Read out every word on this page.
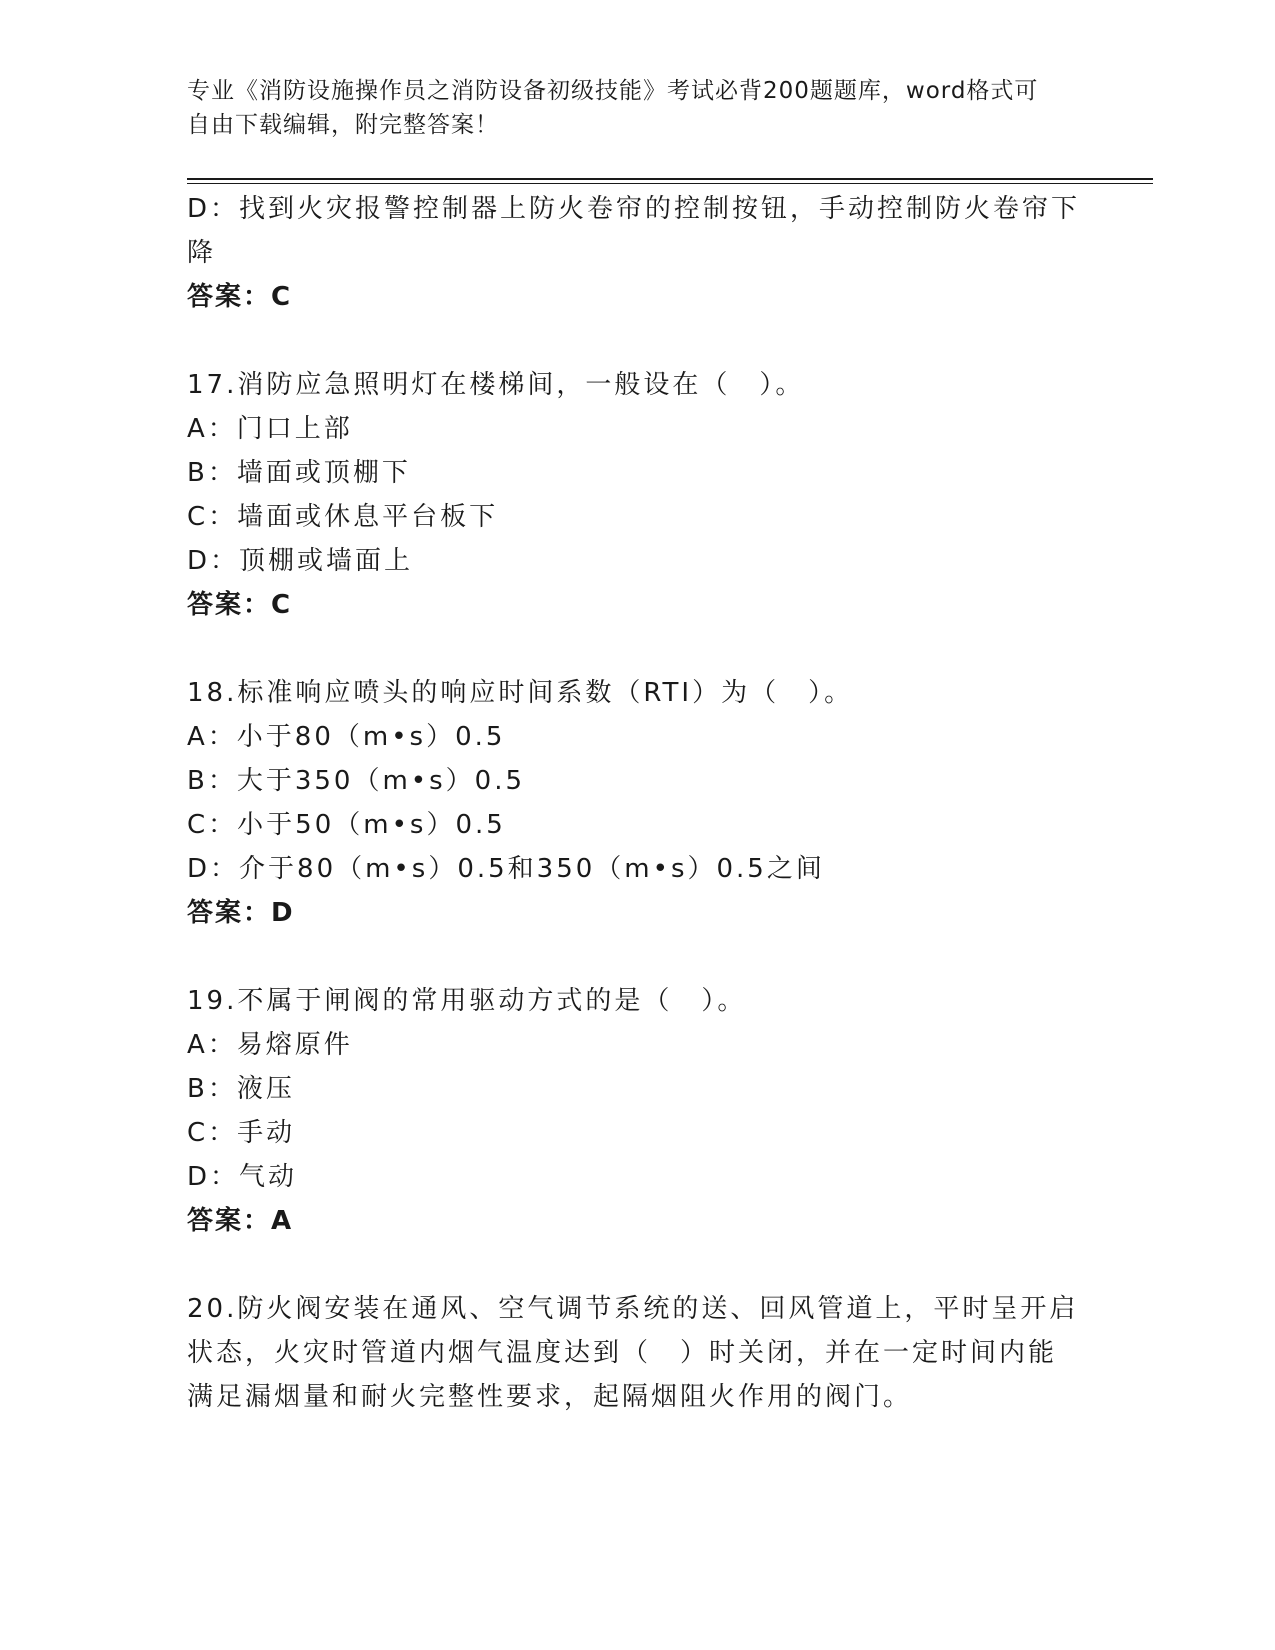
专业《消防设施操作员之消防设备初级技能》考试必背200题题库，word格式可
自由下载编辑，附完整答案！
D：找到火灾报警控制器上防火卷帘的控制按钮，手动控制防火卷帘下
降
答案：C
17.消防应急照明灯在楼梯间，一般设在（　）。
A：门口上部
B：墙面或顶棚下
C：墙面或休息平台板下
D：顶棚或墙面上
答案：C
18.标准响应喷头的响应时间系数（RTI）为（　）。
A：小于80（m•s）0.5
B：大于350（m•s）0.5
C：小于50（m•s）0.5
D：介于80（m•s）0.5和350（m•s）0.5之间
答案：D
19.不属于闸阀的常用驱动方式的是（　）。
A：易熔原件
B：液压
C：手动
D：气动
答案：A
20.防火阀安装在通风、空气调节系统的送、回风管道上，平时呈开启
状态，火灾时管道内烟气温度达到（　）时关闭，并在一定时间内能
满足漏烟量和耐火完整性要求，起隔烟阻火作用的阀门。
